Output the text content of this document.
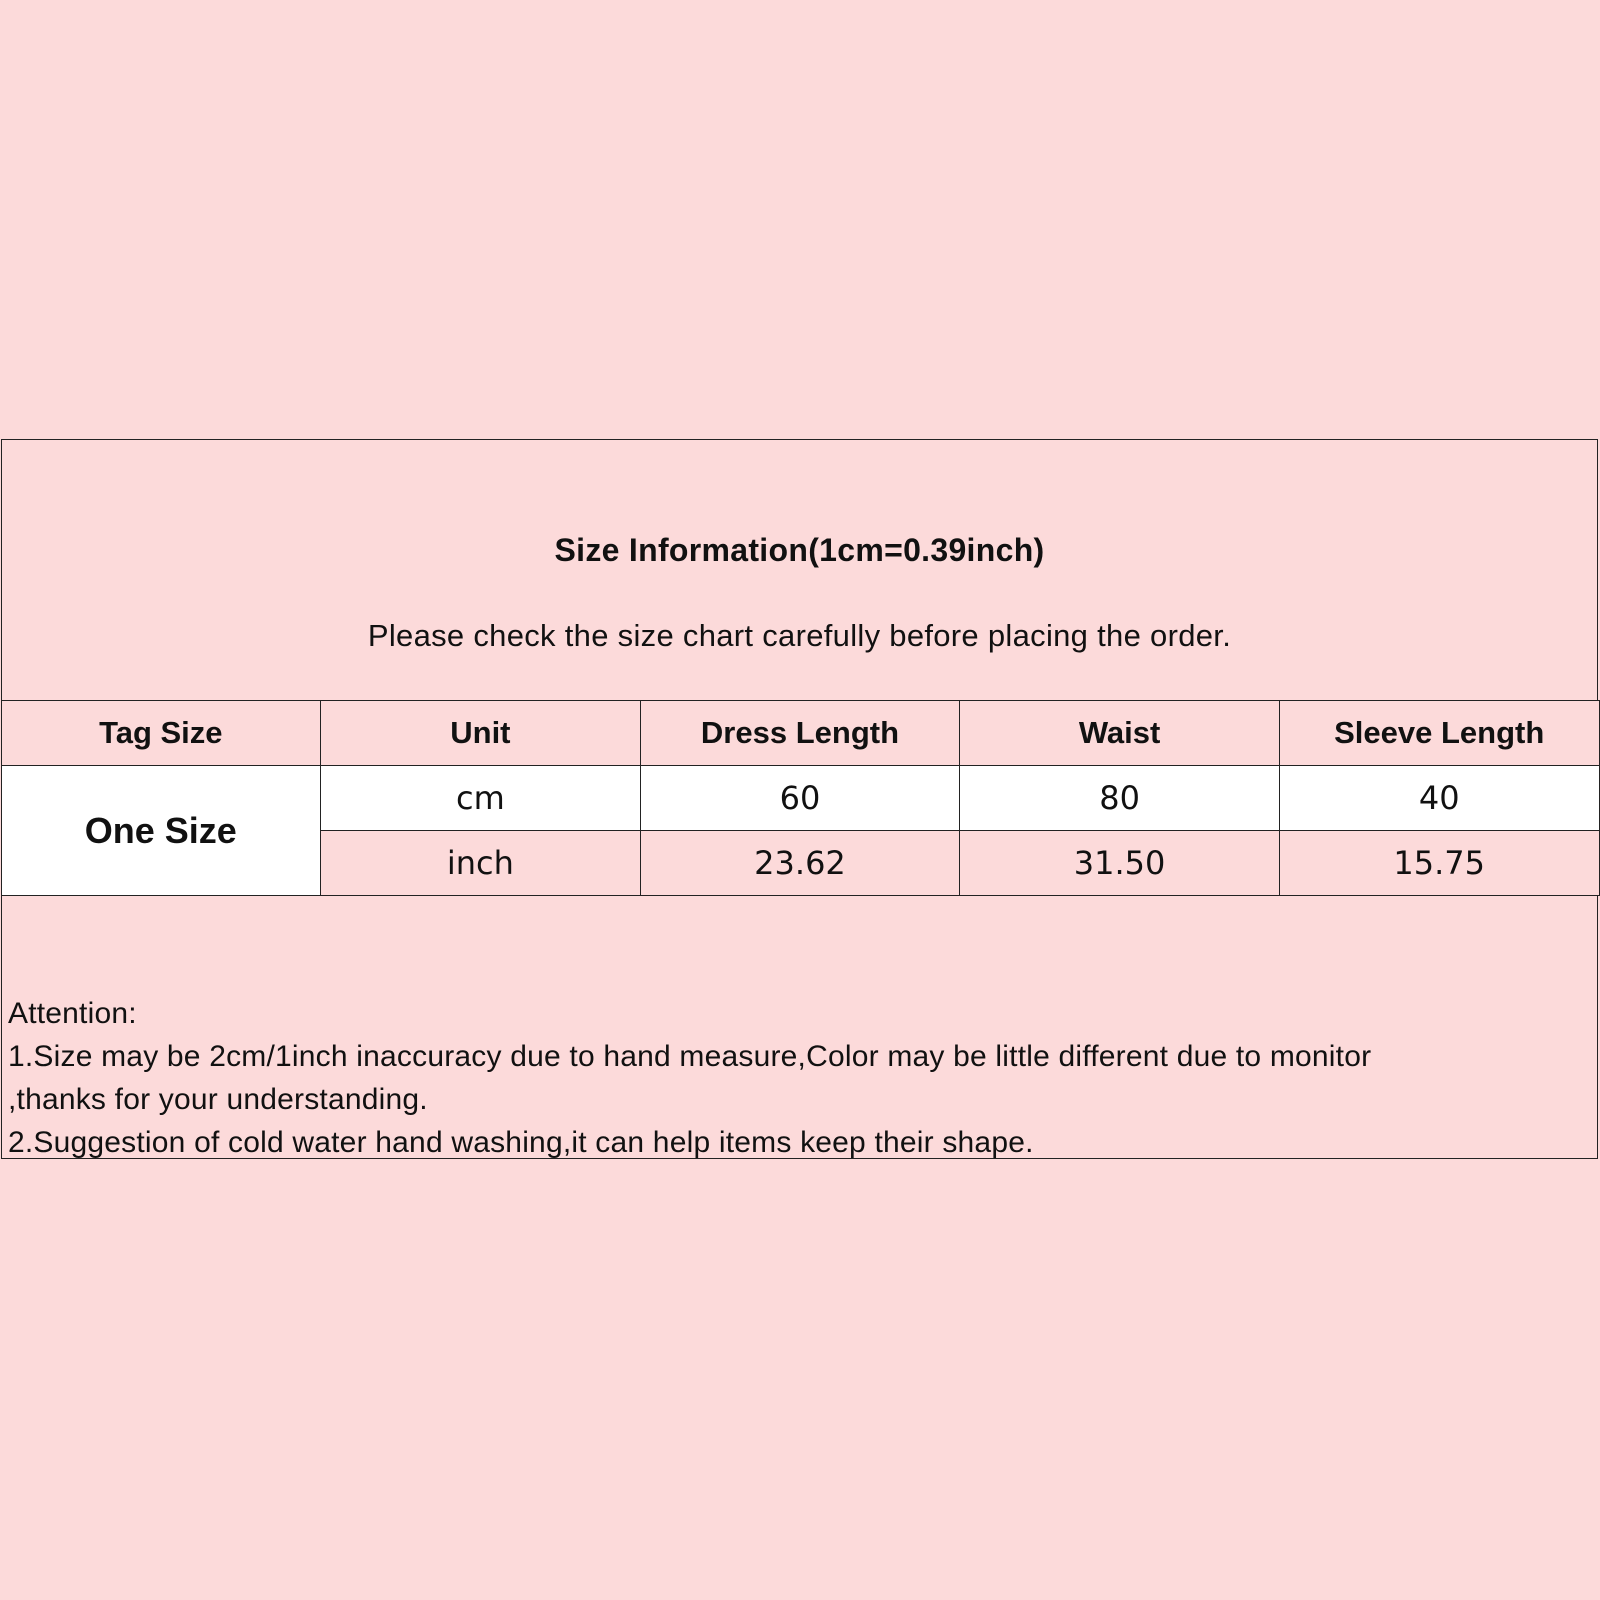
Size Information(1cm=0.39inch)
Please check the size chart carefully before placing the order.
Tag Size	Unit	Dress Length	Waist	Sleeve Length
One Size	cm	60	80	40
	inch	23.62	31.50	15.75
Attention:
1.Size may be 2cm/1inch inaccuracy due to hand measure,Color may be little different due to monitor
,thanks for your understanding.
2.Suggestion of cold water hand washing,it can help items keep their shape.
